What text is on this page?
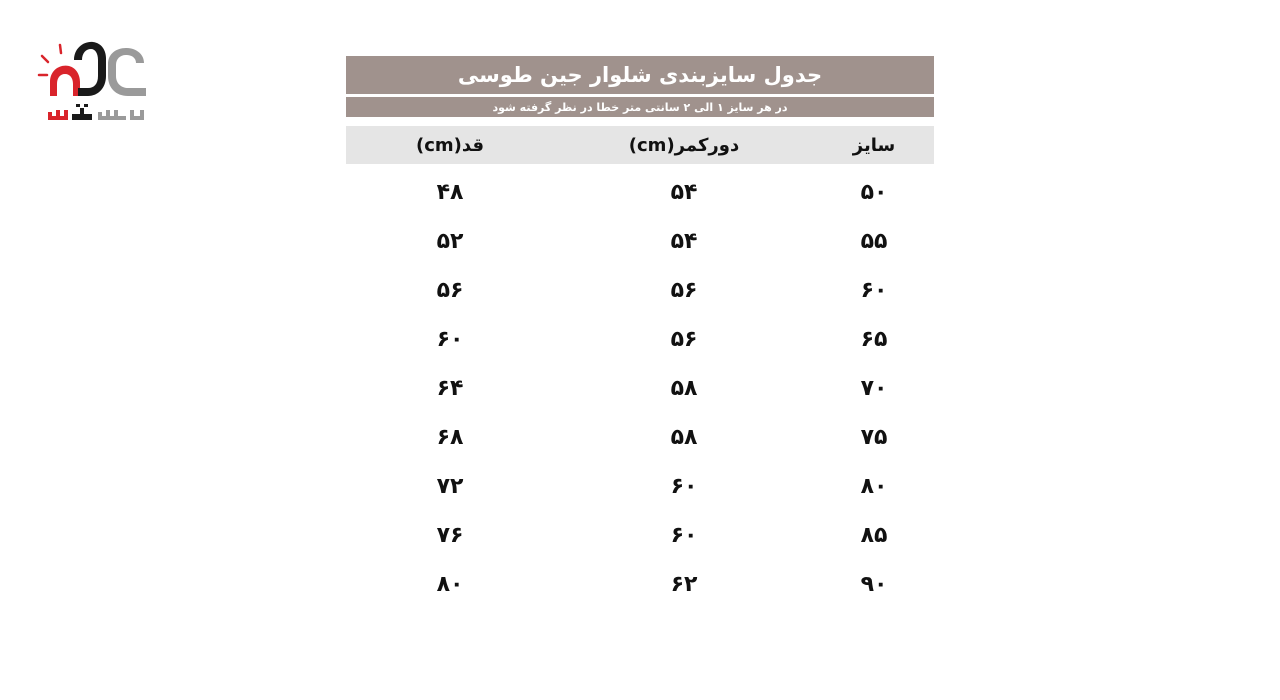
جدول سایزبندی شلوار جین طوسی
در هر سایز ۱ الی ۲ سانتی متر خطا در نظر گرفته شود
سایز	دورکمر(cm)	قد(cm)
۵۰	۵۴	۴۸
۵۵	۵۴	۵۲
۶۰	۵۶	۵۶
۶۵	۵۶	۶۰
۷۰	۵۸	۶۴
۷۵	۵۸	۶۸
۸۰	۶۰	۷۲
۸۵	۶۰	۷۶
۹۰	۶۲	۸۰
